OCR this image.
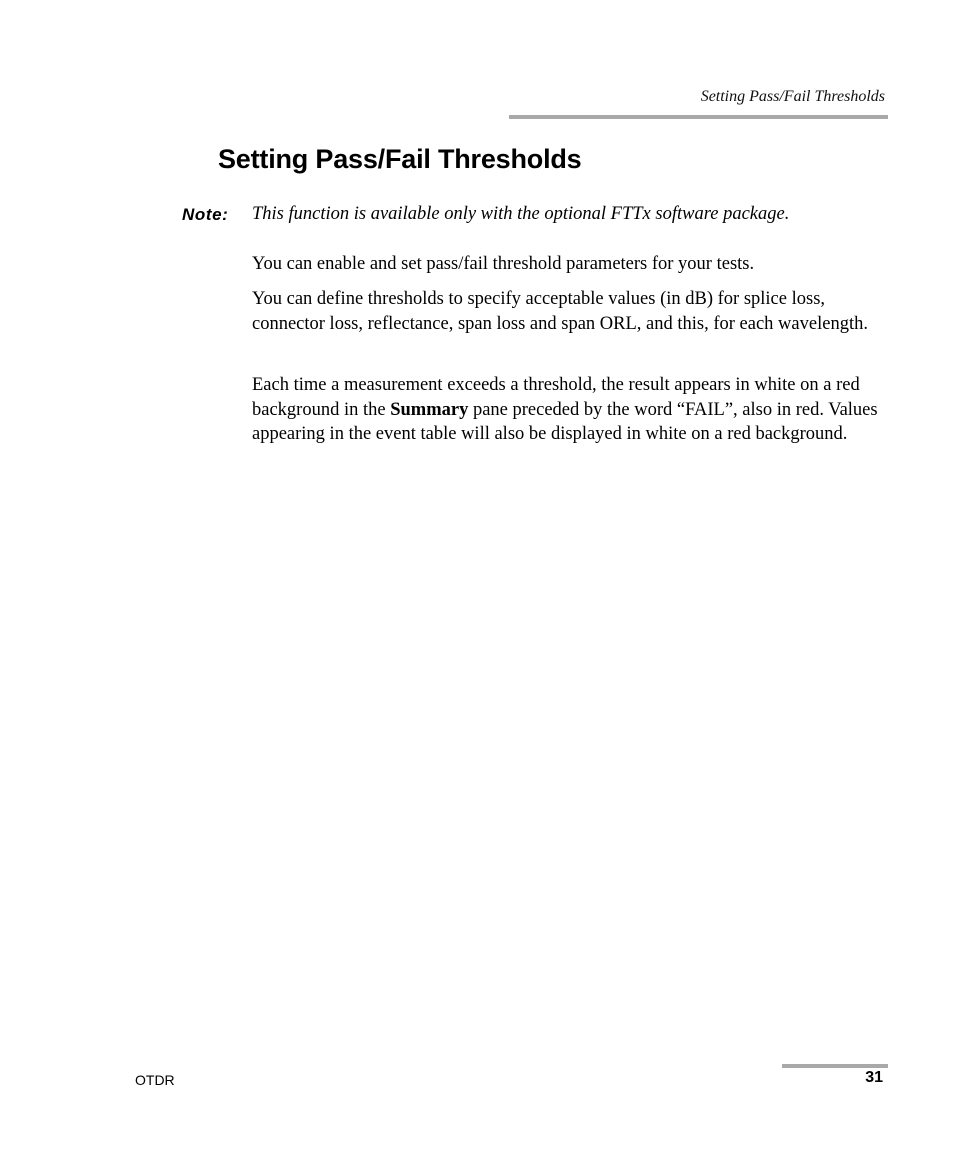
Setting Pass/Fail Thresholds
Setting Pass/Fail Thresholds
Note: This function is available only with the optional FTTx software package.

You can enable and set pass/fail threshold parameters for your tests.

You can define thresholds to specify acceptable values (in dB) for splice loss, connector loss, reflectance, span loss and span ORL, and this, for each wavelength.

Each time a measurement exceeds a threshold, the result appears in white on a red background in the Summary pane preceded by the word “FAIL”, also in red. Values appearing in the event table will also be displayed in white on a red background.

OTDR	31
